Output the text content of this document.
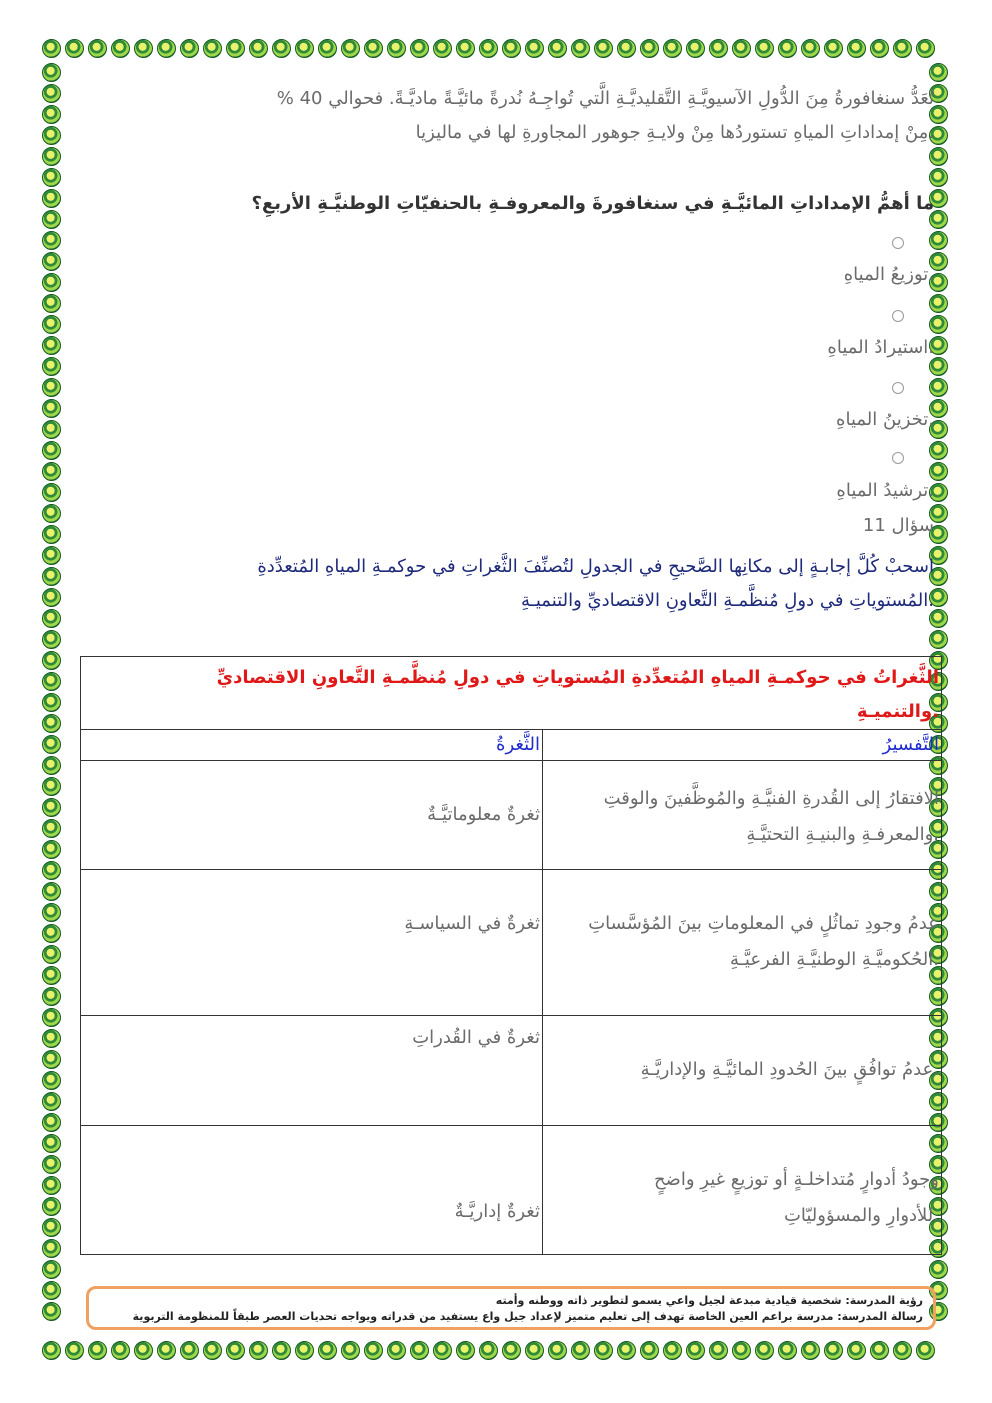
تُعَدُّ سنغافورةُ مِنَ الدُّولِ الآسيويَّـةِ التَّقليديَّـةِ الَّتي تُواجِـهُ نُدرةً مائيَّـةً ماديَّـةً. فحوالي 40 %
.مِنْ إمداداتِ المياهِ تستوردُها مِنْ ولايـةِ جوهور المجاورةِ لها في ماليزيا
ما أهمُّ الإمداداتِ المائيَّـةِ في سنغافورةَ والمعروفـةِ بالحنفيّاتِ الوطنيَّـةِ الأربعِ؟
.توزيعُ المياهِ
.استيرادُ المياهِ
.تخزينُ المياهِ
.ترشيدُ المياهِ
سؤال 11
اسحبْ كُلَّ إجابـةٍ إلى مكانِها الصَّحيحِ في الجدولِ لتُصنِّفَ الثَّغراتِ في حوكمـةِ المياهِ المُتعدِّدةِ
.المُستوياتِ في دولِ مُنظَّمـةِ التَّعاونِ الاقتصاديِّ والتنميـةِ
الثَّغراتُ في حوكمـةِ المياهِ المُتعدِّدةِ المُستوياتِ في دولِ مُنظَّمـةِ التَّعاونِ الاقتصاديِّ
.والتنميـةِ	

التَّفسيرُ	الثَّغرةُ

الافتقارُ إلى القُدرةِ الفنيَّـةِ والمُوظَّفينَ والوقتِ
.والمعرفـةِ والبنيـةِ التحتيَّـةِ	ثغرةٌ معلوماتيَّـةٌ

عدمُ وجودِ تماثُلٍ في المعلوماتِ بينَ المُؤسَّساتِ
.الحُكوميَّـةِ الوطنيَّـةِ الفرعيَّـةِ	ثغرةٌ في السياسـةِ

.عدمُ توافُقٍ بينَ الحُدودِ المائيَّـةِ والإداريَّـةِ	ثغرةٌ في القُدراتِ

وجودُ أدوارٍ مُتداخلـةٍ أو توزيعٍ غيرِ واضحٍ
.للأدوارِ والمسؤوليّاتِ	ثغرةٌ إداريَّـةٌ
رؤية المدرسة: شخصية قيادية مبدعة لجيل واعي يسمو لتطوير ذاته ووطنه وأمته
رسالة المدرسة: مدرسة براعم العين الخاصة تهدف إلى تعليم متميز لإعداد جيل واع يستفيد من قدراته ويواجه تحديات العصر طبقاً للمنظومة التربوية
